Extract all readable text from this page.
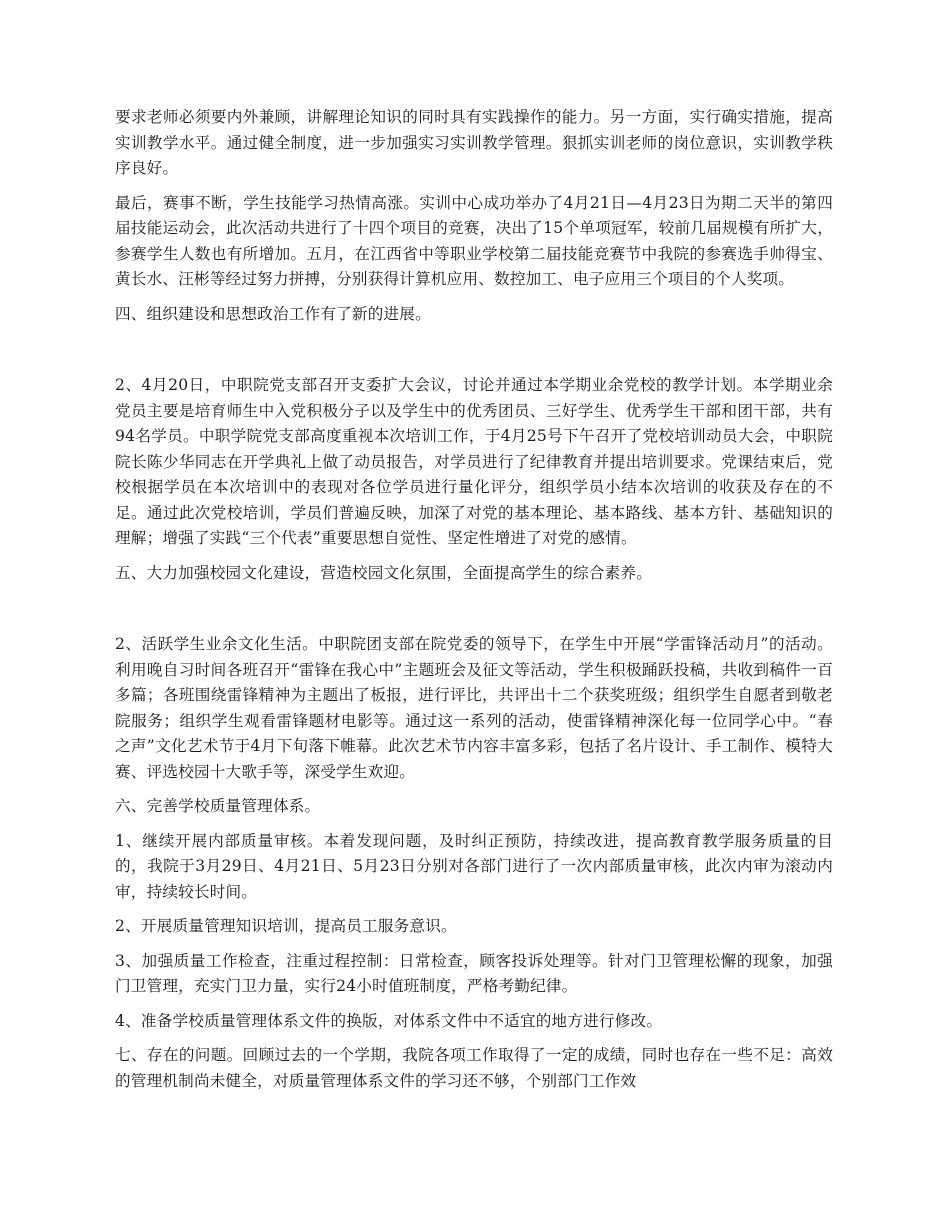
要求老师必须要内外兼顾，讲解理论知识的同时具有实践操作的能力。另一方面，实行确实措施，提高实训教学水平。通过健全制度，进一步加强实习实训教学管理。狠抓实训老师的岗位意识，实训教学秩序良好。

最后，赛事不断，学生技能学习热情高涨。实训中心成功举办了4月21日—4月23日为期二天半的第四届技能运动会，此次活动共进行了十四个项目的竞赛，决出了15个单项冠军，较前几届规模有所扩大，参赛学生人数也有所增加。五月，在江西省中等职业学校第二届技能竞赛节中我院的参赛选手帅得宝、黄长水、汪彬等经过努力拼搏，分别获得计算机应用、数控加工、电子应用三个项目的个人奖项。

四、组织建设和思想政治工作有了新的进展。

2、4月20日，中职院党支部召开支委扩大会议，讨论并通过本学期业余党校的教学计划。本学期业余党员主要是培育师生中入党积极分子以及学生中的优秀团员、三好学生、优秀学生干部和团干部，共有94名学员。中职学院党支部高度重视本次培训工作，于4月25号下午召开了党校培训动员大会，中职院院长陈少华同志在开学典礼上做了动员报告，对学员进行了纪律教育并提出培训要求。党课结束后，党校根据学员在本次培训中的表现对各位学员进行量化评分，组织学员小结本次培训的收获及存在的不足。通过此次党校培训，学员们普遍反映，加深了对党的基本理论、基本路线、基本方针、基础知识的理解；增强了实践“三个代表”重要思想自觉性、坚定性增进了对党的感情。

五、大力加强校园文化建设，营造校园文化氛围，全面提高学生的综合素养。

2、活跃学生业余文化生活。中职院团支部在院党委的领导下，在学生中开展“学雷锋活动月”的活动。利用晚自习时间各班召开“雷锋在我心中”主题班会及征文等活动，学生积极踊跃投稿，共收到稿件一百多篇；各班围绕雷锋精神为主题出了板报，进行评比，共评出十二个获奖班级；组织学生自愿者到敬老院服务；组织学生观看雷锋题材电影等。通过这一系列的活动，使雷锋精神深化每一位同学心中。“春之声”文化艺术节于4月下旬落下帷幕。此次艺术节内容丰富多彩，包括了名片设计、手工制作、模特大赛、评选校园十大歌手等，深受学生欢迎。

六、完善学校质量管理体系。

1、继续开展内部质量审核。本着发现问题，及时纠正预防，持续改进，提高教育教学服务质量的目的，我院于3月29日、4月21日、5月23日分别对各部门进行了一次内部质量审核，此次内审为滚动内审，持续较长时间。

2、开展质量管理知识培训，提高员工服务意识。

3、加强质量工作检查，注重过程控制：日常检查，顾客投诉处理等。针对门卫管理松懈的现象，加强门卫管理，充实门卫力量，实行24小时值班制度，严格考勤纪律。

4、准备学校质量管理体系文件的换版，对体系文件中不适宜的地方进行修改。

七、存在的问题。回顾过去的一个学期，我院各项工作取得了一定的成绩，同时也存在一些不足：高效的管理机制尚未健全，对质量管理体系文件的学习还不够，个别部门工作效
